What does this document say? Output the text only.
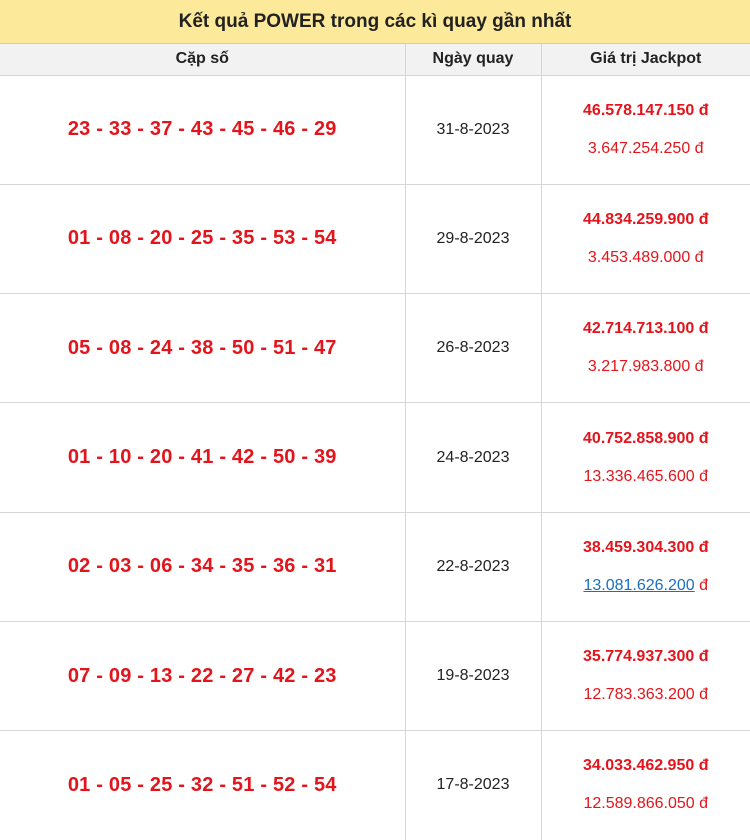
Kết quả POWER trong các kì quay gần nhất
Cặp số	Ngày quay	Giá trị Jackpot
23 - 33 - 37 - 43 - 45 - 46 - 29	31-8-2023	46.578.147.150 đ
3.647.254.250 đ

01 - 08 - 20 - 25 - 35 - 53 - 54	29-8-2023	44.834.259.900 đ
3.453.489.000 đ

05 - 08 - 24 - 38 - 50 - 51 - 47	26-8-2023	42.714.713.100 đ
3.217.983.800 đ

01 - 10 - 20 - 41 - 42 - 50 - 39	24-8-2023	40.752.858.900 đ
13.336.465.600 đ

02 - 03 - 06 - 34 - 35 - 36 - 31	22-8-2023	38.459.304.300 đ
13.081.626.200 đ

07 - 09 - 13 - 22 - 27 - 42 - 23	19-8-2023	35.774.937.300 đ
12.783.363.200 đ

01 - 05 - 25 - 32 - 51 - 52 - 54	17-8-2023	34.033.462.950 đ
12.589.866.050 đ
